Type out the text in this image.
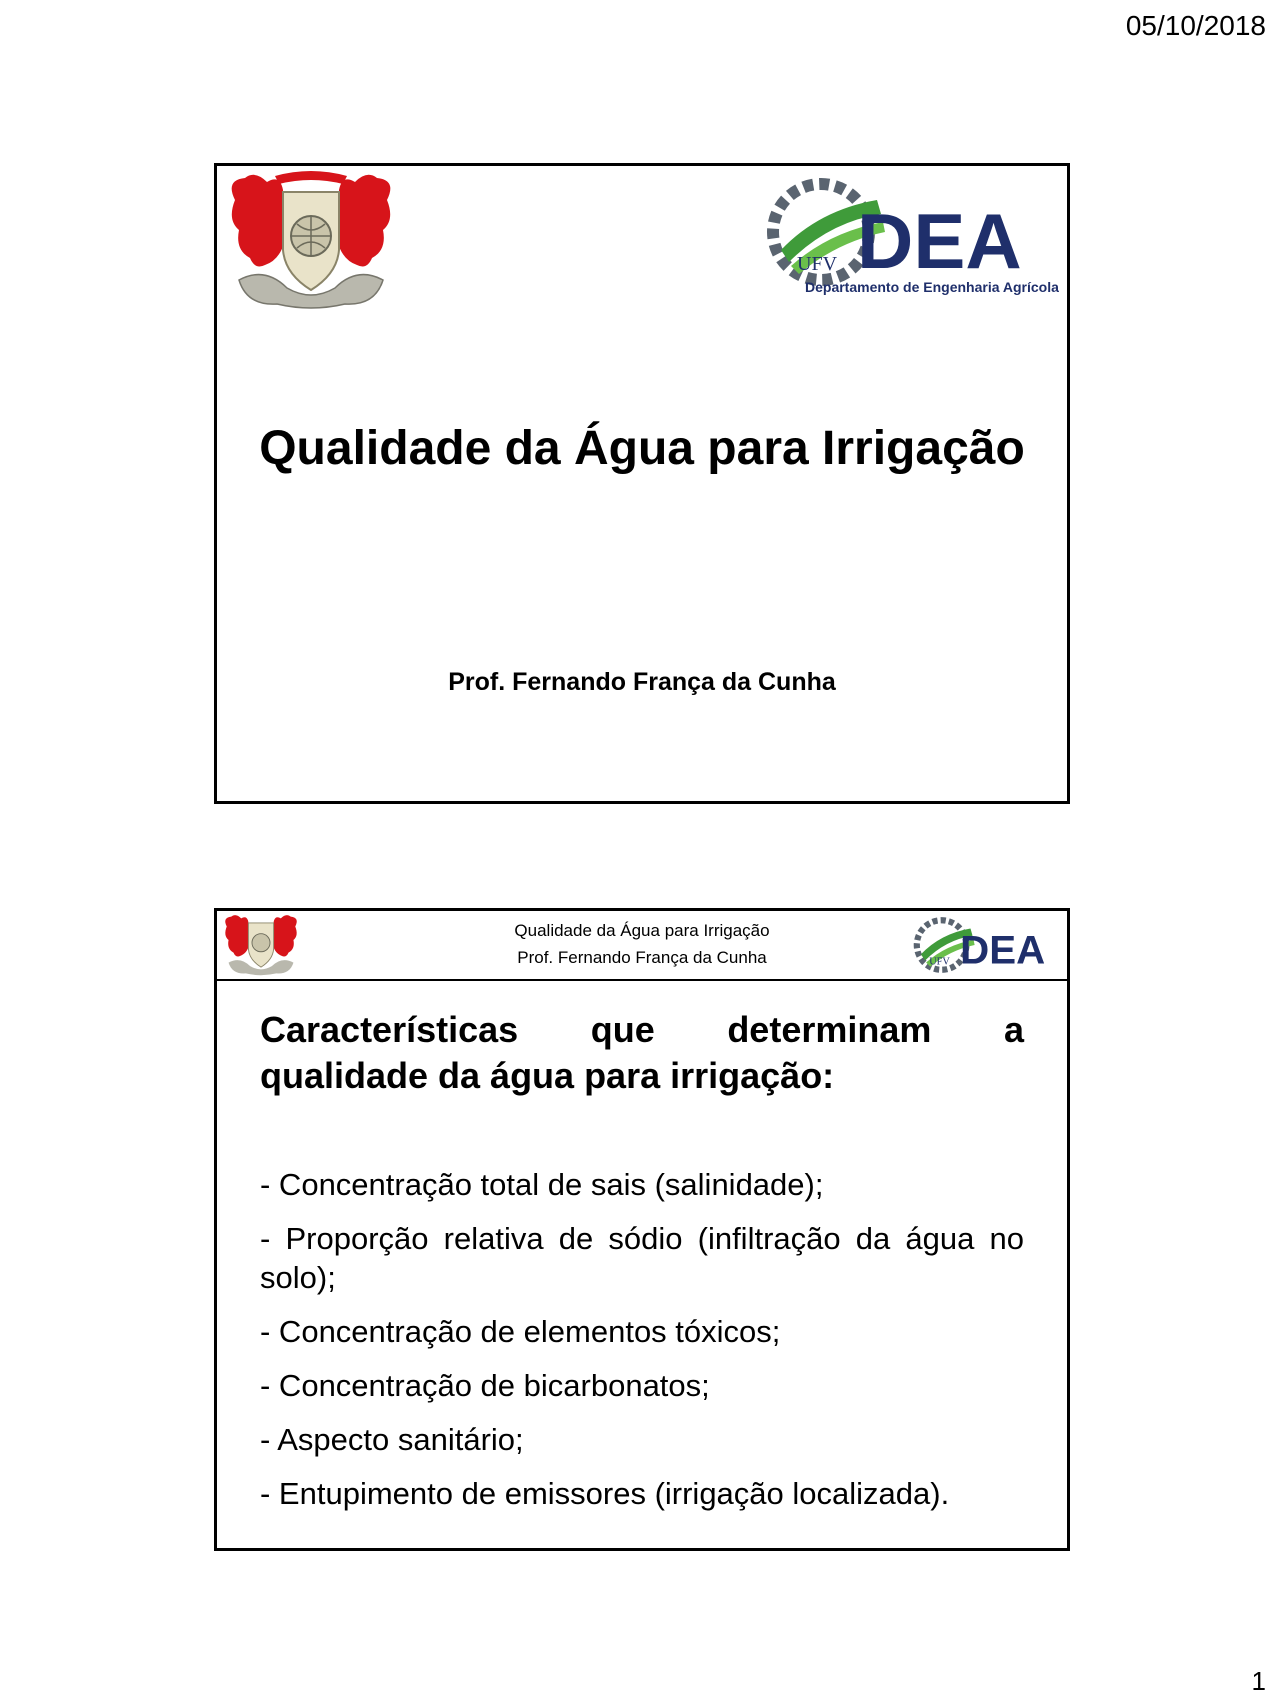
05/10/2018
UFV DEA
Departamento de Engenharia Agrícola
Qualidade da Água para Irrigação
Prof. Fernando França da Cunha
Qualidade da Água para Irrigação
Prof. Fernando França da Cunha	UFV DEA
Características que determinam a
qualidade da água para irrigação:
- Concentração total de sais (salinidade);
- Proporção relativa de sódio (infiltração da água no solo);
- Concentração de elementos tóxicos;
- Concentração de bicarbonatos;
- Aspecto sanitário;
- Entupimento de emissores (irrigação localizada).
1
